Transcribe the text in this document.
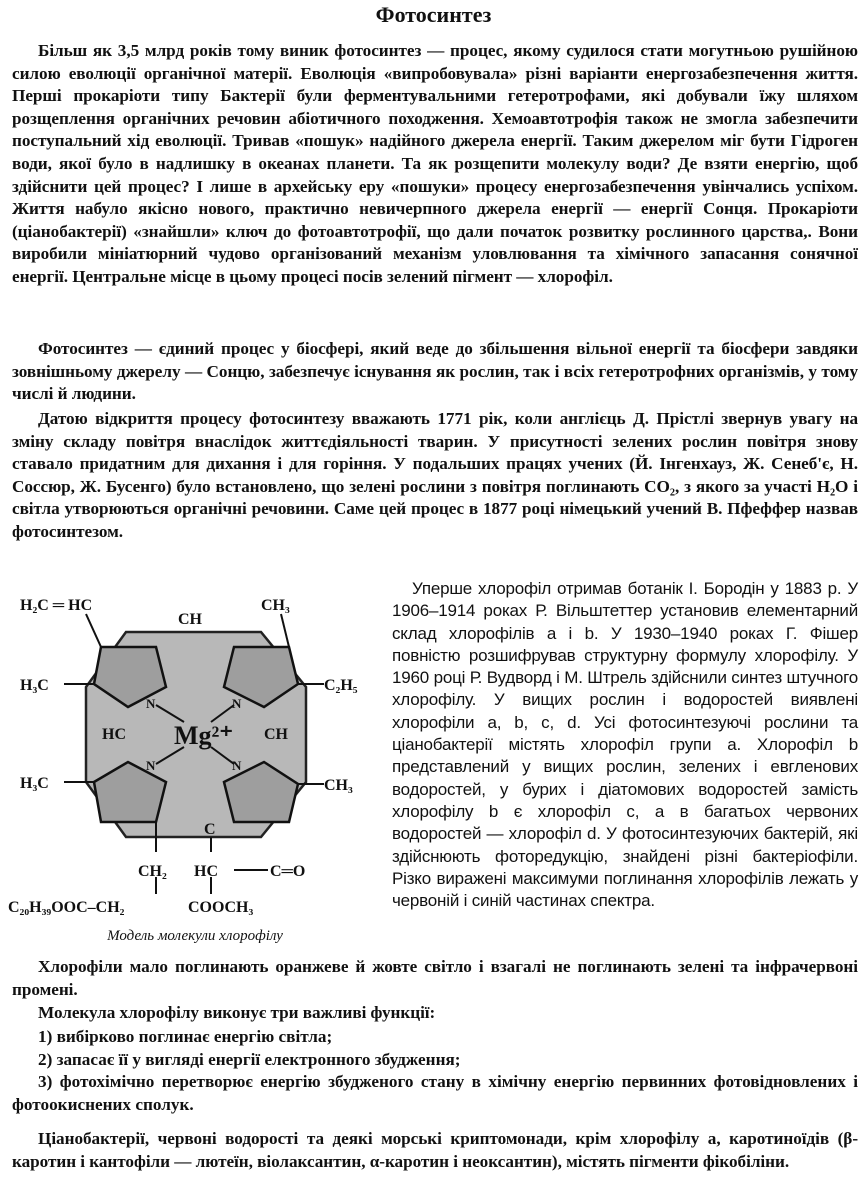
Фотосинтез

Більш як 3,5 млрд років тому виник фотосинтез — процес, якому судилося стати могутньою рушійною силою еволюції органічної матерії. Еволюція «випробовувала» різні варіанти енергозабезпечення життя. Перші прокаріоти типу Бактерії були ферментувальними гетеротрофами, які добували їжу шляхом розщеплення органічних речовин абіотичного походження. Хемоавтотрофія також не змогла забезпечити поступальний хід еволюції. Тривав «пошук» надійного джерела енергії. Таким джерелом міг бути Гідроген води, якої було в надлишку в океанах планети. Та як розщепити молекулу води? Де взяти енергію, щоб здійснити цей процес? І лише в архейську еру «пошуки» процесу енергозабезпечення увінчались успіхом. Життя набуло якісно нового, практично невичерпного джерела енергії — енергії Сонця. Прокаріоти (ціанобактерії) «знайшли» ключ до фотоавтотрофії, що дали початок розвитку рослинного царства,. Вони виробили мініатюрний чудово організований механізм уловлювання та хімічного запасання сонячної енергії. Центральне місце в цьому процесі посів зелений пігмент — хлорофіл.

Фотосинтез — єдиний процес у біосфері, який веде до збільшення вільної енергії та біосфери завдяки зовнішньому джерелу — Сонцю, забезпечує існування як рослин, так і всіх гетеротрофних організмів, у тому числі й людини.

Датою відкриття процесу фотосинтезу вважають 1771 рік, коли англієць Д. Прістлі звернув увагу на зміну складу повітря внаслідок життєдіяльності тварин. У присутності зелених рослин повітря знову ставало придатним для дихання і для горіння. У подальших працях учених (Й. Інгенхауз, Ж. Сенеб'є, Н. Соссюр, Ж. Бусенго) було встановлено, що зелені рослини з повітря поглинають CO₂, з якого за участі H₂O і світла утворюються органічні речовини. Саме цей процес в 1877 році німецький учений В. Пфеффер назвав фотосинтезом.

H₂C ═ HC	CH₃
CH
H₃C	C₂H₅
HC	CH
Mg²⁺
N	N
N	N
H₃C	CH₃
C
CH₂ HC	C═O
C₂₀H₃₉OOC–CH₂	COOCH₃
Модель молекули хлорофілу

Уперше хлорофіл отримав ботанік І. Бородін у 1883 р. У 1906–1914 роках Р. Вільштеттер установив елементарний склад хлорофілів a і b. У 1930–1940 роках Г. Фішер повністю розшифрував структурну формулу хлорофілу. У 1960 році Р. Вудворд і М. Штрель здійснили синтез штучного хлорофілу. У вищих рослин і водоростей виявлені хлорофіли a, b, c, d. Усі фотосинтезуючі рослини та ціанобактерії містять хлорофіл групи a. Хлорофіл b представлений у вищих рослин, зелених і евгленових водоростей, у бурих і діатомових водоростей замість хлорофілу b є хлорофіл c, а в багатьох червоних водоростей — хлорофіл d. У фотосинтезуючих бактерій, які здійснюють фоторедукцію, знайдені різні бактеріофіли. Різко виражені максимуми поглинання хлорофілів лежать у червоній і синій частинах спектра.

Хлорофіли мало поглинають оранжеве й жовте світло і взагалі не поглинають зелені та інфрачервоні промені.

Молекула хлорофілу виконує три важливі функції:

1) вибірково поглинає енергію світла;
2) запасає її у вигляді енергії електронного збудження;
3) фотохімічно перетворює енергію збудженого стану в хімічну енергію первинних фотовідновлених і фотоокиснених сполук.

Ціанобактерії, червоні водорості та деякі морські криптомонади, крім хлорофілу a, каротиноїдів (β-каротин і кантофіли — лютеїн, віолаксантин, α-каротин і неоксантин), містять пігменти фікобіліни.
